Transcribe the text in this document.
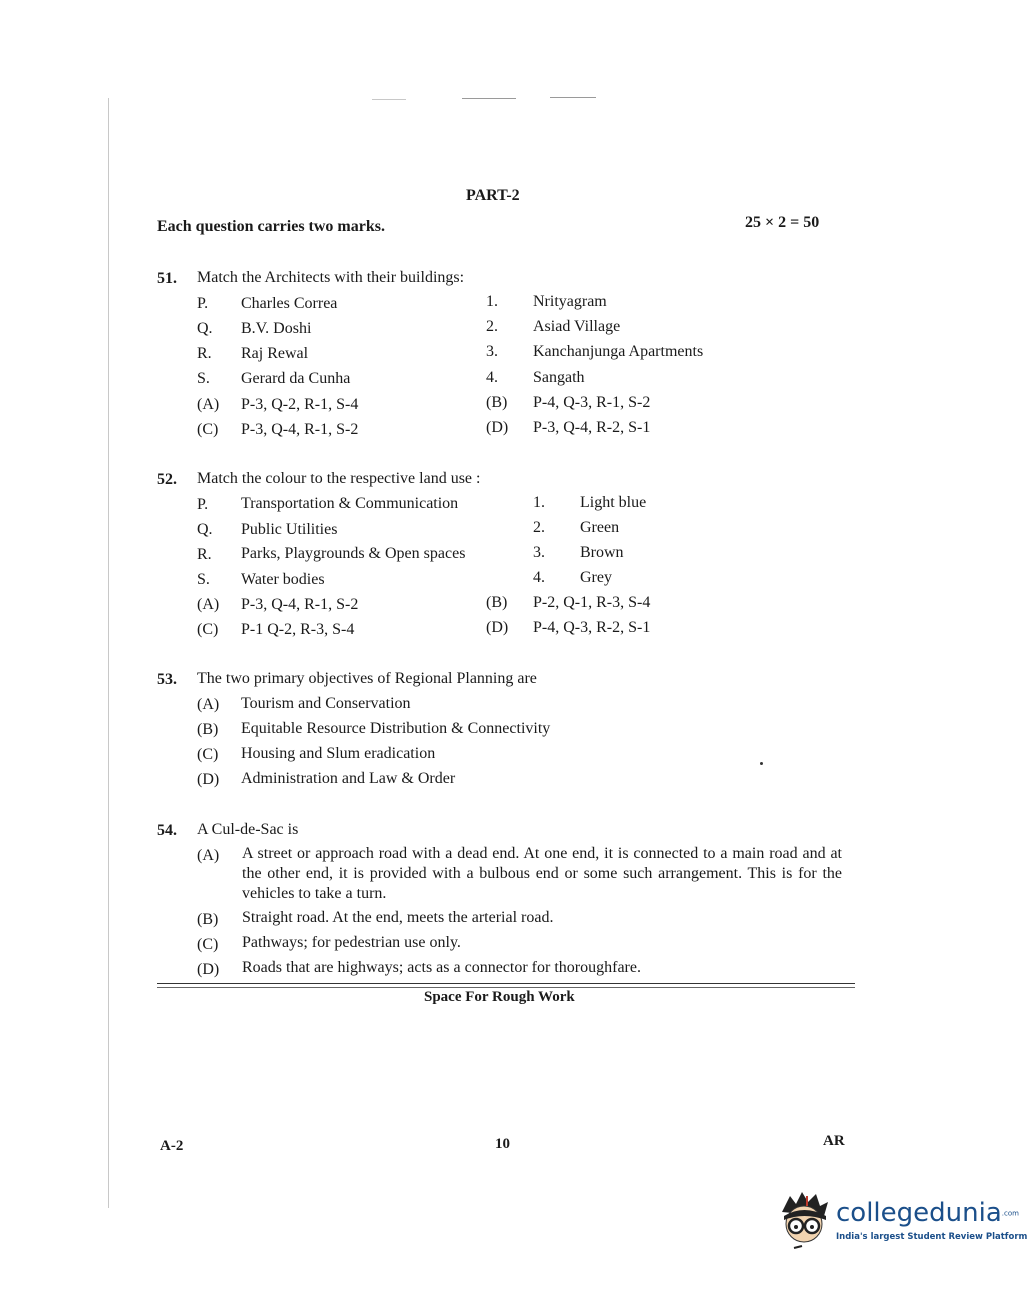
PART-2
Each question carries two marks.	25 × 2 = 50
51. Match the Architects with their buildings:
P. Charles Correa	1. Nrityagram
Q. B.V. Doshi	2. Asiad Village
R. Raj Rewal	3. Kanchanjunga Apartments
S. Gerard da Cunha	4. Sangath
(A) P-3, Q-2, R-1, S-4	(B) P-4, Q-3, R-1, S-2
(C) P-3, Q-4, R-1, S-2	(D) P-3, Q-4, R-2, S-1
52. Match the colour to the respective land use :
P. Transportation & Communication	1. Light blue
Q. Public Utilities	2. Green
R. Parks, Playgrounds & Open spaces	3. Brown
S. Water bodies	4. Grey
(A) P-3, Q-4, R-1, S-2	(B) P-2, Q-1, R-3, S-4
(C) P-1 Q-2, R-3, S-4	(D) P-4, Q-3, R-2, S-1
53. The two primary objectives of Regional Planning are
(A) Tourism and Conservation
(B) Equitable Resource Distribution & Connectivity
(C) Housing and Slum eradication
(D) Administration and Law & Order
54. A Cul-de-Sac is
(A) A street or approach road with a dead end. At one end, it is connected to a main road and at the other end, it is provided with a bulbous end or some such arrangement. This is for the vehicles to take a turn.
(B) Straight road. At the end, meets the arterial road.
(C) Pathways; for pedestrian use only.
(D) Roads that are highways; acts as a connector for thoroughfare.
Space For Rough Work
A-2	10	AR
collegedunia.com
India's largest Student Review Platform
